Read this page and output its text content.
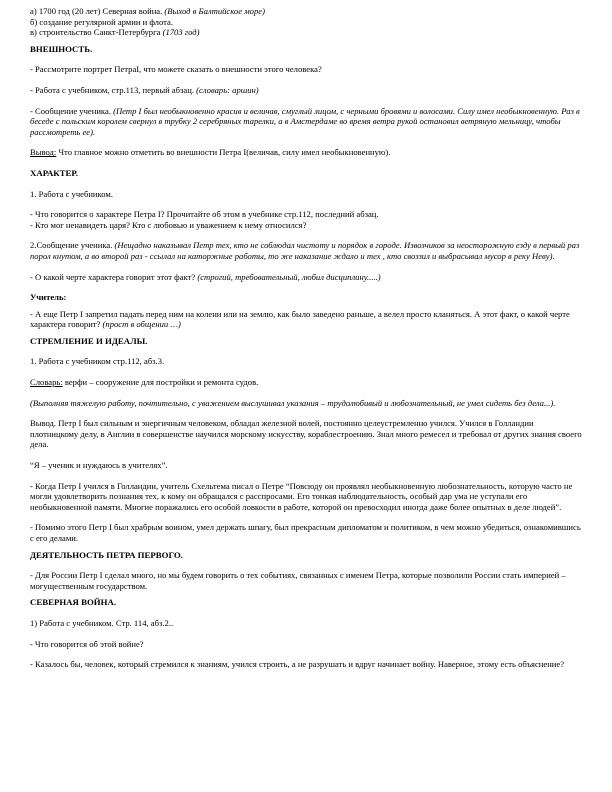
а) 1700 год (20 лет) Северная война. (Выход в Балтийское море)

б) создание регулярной армии и флота.

в) строительство Санкт-Петербурга (1703 год)

ВНЕШНОСТЬ.

- Рассмотрите портрет ПетраI, что можете сказать о внешности этого человека?

- Работа с учебником, стр.113, первый абзац. (словарь: аршин)

- Сообщение ученика. (Петр I был необыкновенно красив и величав, смуглый лицом, с черными бровями и волосами. Силу имел необыкновенную. Раз в беседе с польским королем свернул в трубку 2 серебряных тарелки, а в Амстердаме во время ветра рукой остановил ветряную мельницу, чтобы рассмотреть ее).

Вывод: Что главное можно отметить во внешности Петра I(величав, силу имел необыкновенную).

ХАРАКТЕР.

1. Работа с учебником.

- Что говорится о характере Петра I? Прочитайте об этом в учебнике стр.112, последний абзац.

- Кто мог ненавидеть царя? Кто с любовью и уважением к нему относился?

2.Сообщение ученика. (Нещадно наказывал Петр тех, кто не соблюдал чистоту и порядок в городе. Извозчиков за неосторожную езду в первый раз порол кнутом, а во второй раз - ссылал на каторжные работы, то же наказание ждало и тех , кто своззил и выбрасывал мусор в реку Неву).

- О какой черте характера говорит этот факт? (строгий, требовательный, любил дисциплину.....)

Учитель:

- А еще Петр I запретил падать перед ним на колени или на землю, как было заведено раньше, а велел просто кланяться. А этот факт, о какой черте характера говорит? (прост в общении …)

СТРЕМЛЕНИЕ И ИДЕАЛЫ.

1. Работа с учебником стр.112, абз.3.

Словарь: верфи – сооружение для постройки и ремонта судов.

(Выполняя тяжелую работу, почтительно, с уважением выслушивал указания – трудолюбивый и любознательный, не умел сидеть без дела...).

Вывод. Петр I был сильным и энергичным человеком, обладал железной волей, постоянно целеустремленно учился. Учился в Голландии плотницкому делу, в Англии в совершенстве научился морскому искусству, кораблестроению. Знал много ремесел и требовал от других знания своего дела.

“Я – ученик и нуждаюсь в учителях”.

- Когда Петр I учился в Голландии, учитель Схельтема писал о Петре “Повсюду он проявлял необыкновенную любознательность, которую часто не могли удовлетворить познания тех, к кому он обращался с расспросами. Его тонкая наблюдательность, особый дар ума не уступали его необыкновенной памяти. Многие поражались его особой ловкости в работе, которой он превосходил иногда даже более опытных в деле людей”.

- Помимо этого Петр I был храбрым воином, умел держать шпагу, был прекрасным дипломатом и политиком, в чем можно убедиться, ознакомившись с его делами.

ДЕЯТЕЛЬНОСТЬ ПЕТРА ПЕРВОГО.

- Для России Петр I сделал много, но мы будем говорить о тех событиях, связанных с именем Петра, которые позволили России стать империей – могущественным государством.

СЕВЕРНАЯ ВОЙНА.

1) Работа с учебником. Стр. 114, абз.2..

- Что говорится об этой войне?

- Казалось бы, человек, который стремился к знаниям, учился строить, а не разрушать и вдруг начинает войну. Наверное, этому есть объяснение?
